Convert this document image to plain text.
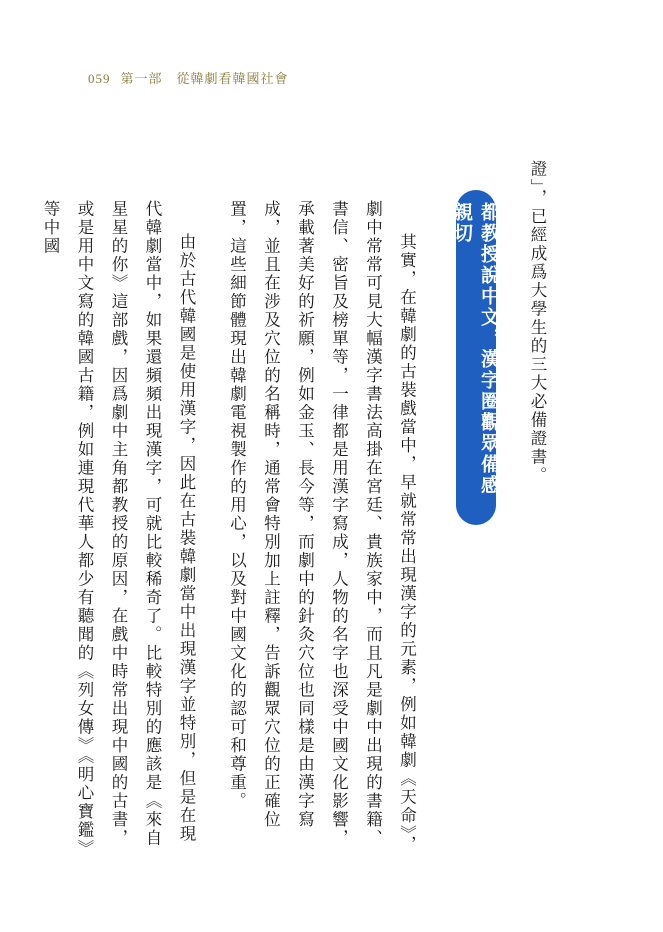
059 第一部　從韓劇看韓國社會
證」，已經成爲大學生的三大必備證書。
都教授說中文，漢字圈觀眾備感親切

其實，在韓劇的古裝戲當中，早就常常出現漢字的元素，例如韓劇《天命》，劇中常常可見大幅漢字書法高掛在宮廷、貴族家中，而且凡是劇中出現的書籍、書信、密旨及榜單等，一律都是用漢字寫成，人物的名字也深受中國文化影響，承載著美好的祈願，例如金玉、長今等，而劇中的針灸穴位也同樣是由漢字寫成，並且在涉及穴位的名稱時，通常會特別加上註釋，告訴觀眾穴位的正確位置，這些細節體現出韓劇電視製作的用心，以及對中國文化的認可和尊重。

由於古代韓國是使用漢字，因此在古裝韓劇當中出現漢字並特別，但是在現代韓劇當中，如果還頻頻出現漢字，可就比較稀奇了。比較特別的應該是《來自星星的你》這部戲，因爲劇中主角都教授的原因，在戲中時常出現中國的古書，或是用中文寫的韓國古籍，例如連現代華人都少有聽聞的《列女傳》《明心寶鑑》等中國
